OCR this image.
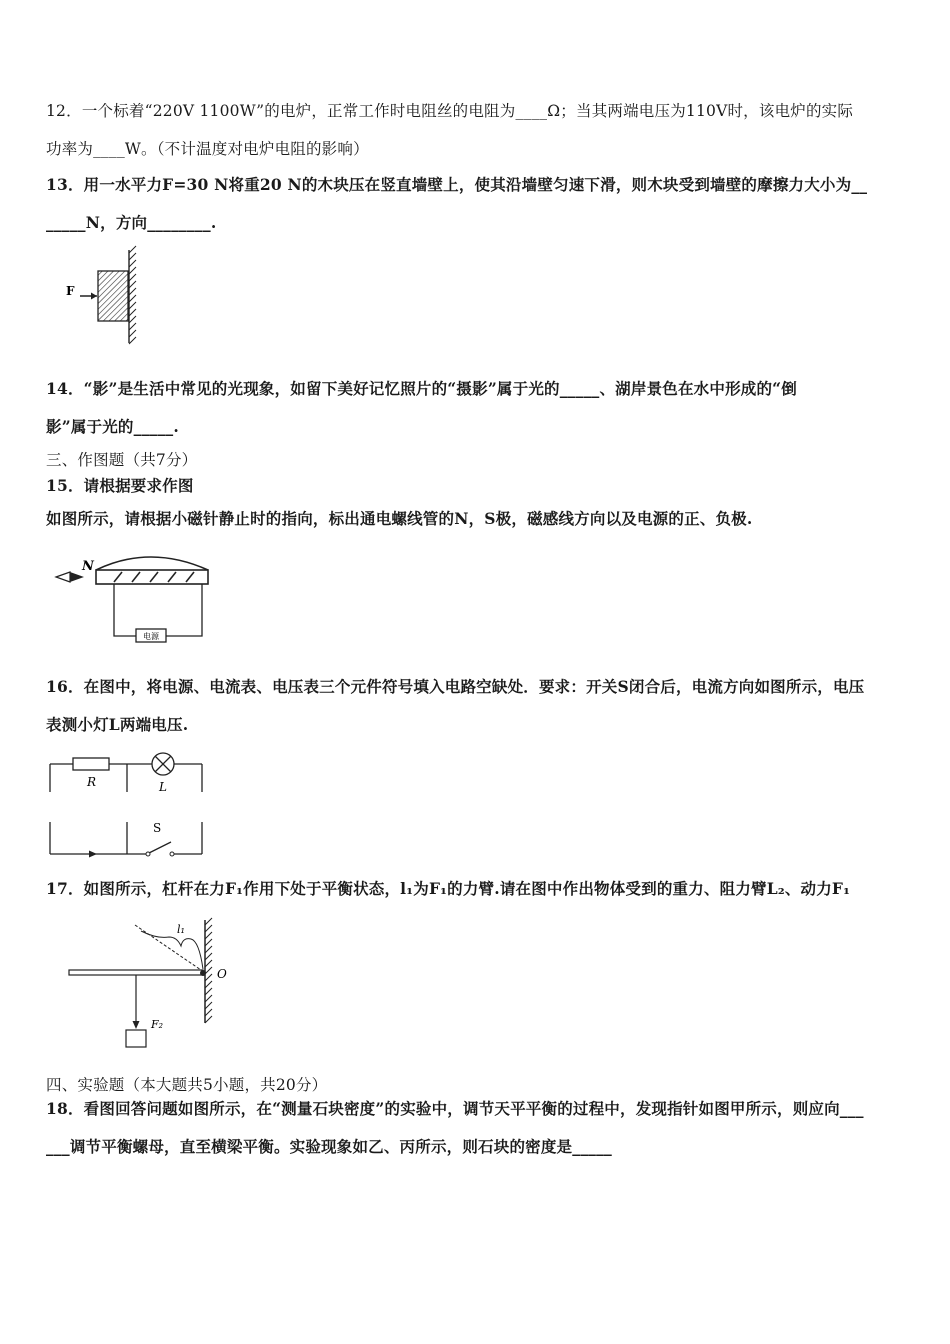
12．一个标着“220V 1100W”的电炉，正常工作时电阻丝的电阻为____Ω；当其两端电压为110V时，该电炉的实际
功率为____W。（不计温度对电炉电阻的影响）
13．用一水平力F=30 N将重20 N的木块压在竖直墙壁上，使其沿墙壁匀速下滑，则木块受到墙壁的摩擦力大小为__
_____N，方向________.
F
14．“影”是生活中常见的光现象，如留下美好记忆照片的“摄影”属于光的_____、湖岸景色在水中形成的“倒
影”属于光的_____.
三、作图题（共7分）
15．请根据要求作图
如图所示，请根据小磁针静止时的指向，标出通电螺线管的N，S极，磁感线方向以及电源的正、负极.
N
电源
16．在图中，将电源、电流表、电压表三个元件符号填入电路空缺处．要求：开关S闭合后，电流方向如图所示，电压
表测小灯L两端电压.
R	L
S
17．如图所示，杠杆在力F₁作用下处于平衡状态，l₁为F₁的力臂.请在图中作出物体受到的重力、阻力臂L₂、动力F₁
O
l₁
F₂
四、实验题（本大题共5小题，共20分）
18．看图回答问题如图所示，在“测量石块密度”的实验中，调节天平平衡的过程中，发现指针如图甲所示，则应向___
___调节平衡螺母，直至横梁平衡。实验现象如乙、丙所示，则石块的密度是_____
